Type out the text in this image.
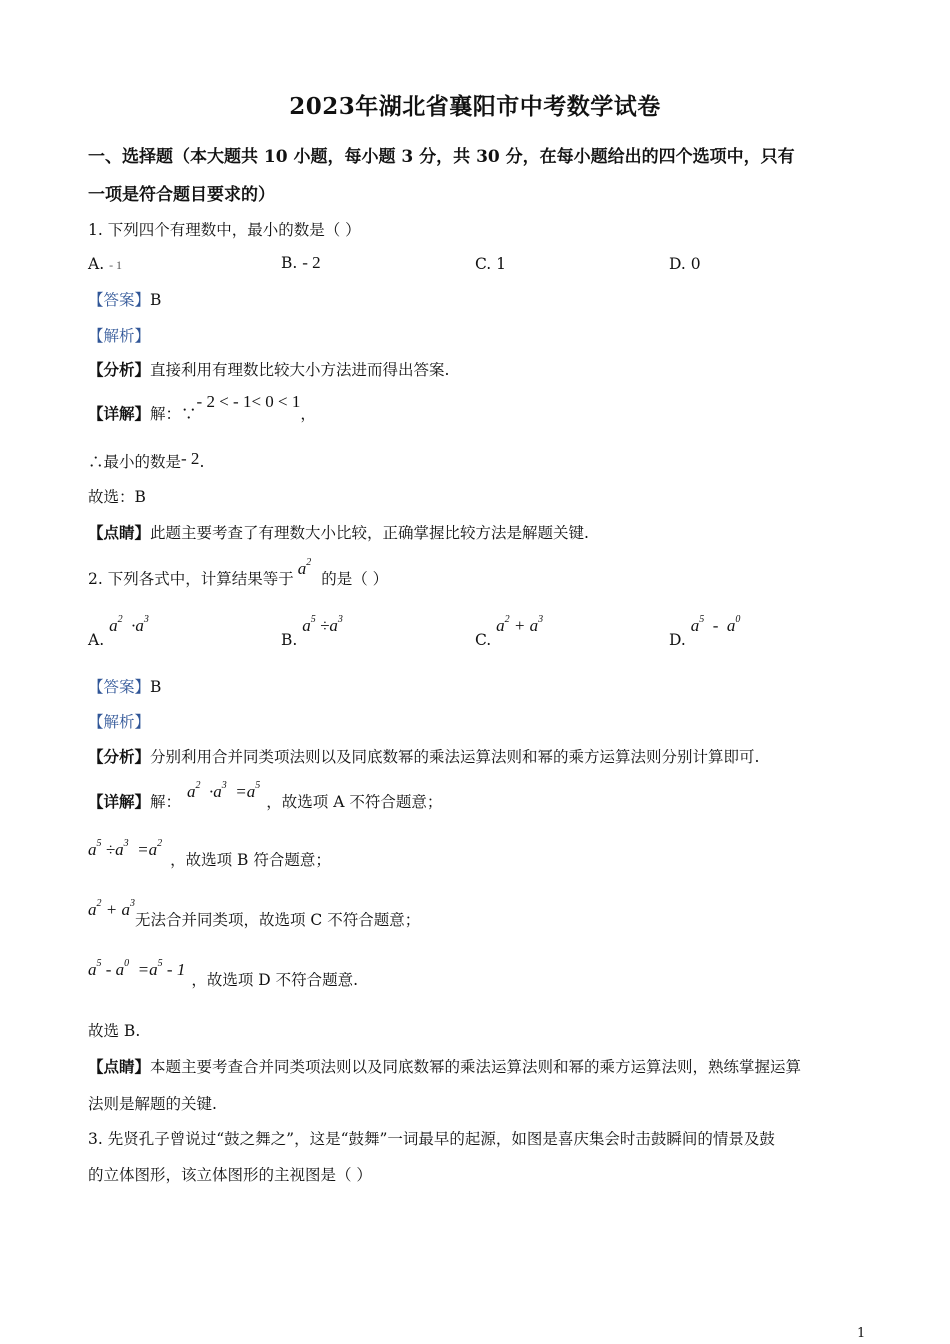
2023年湖北省襄阳市中考数学试卷
一、选择题（本大题共 10 小题，每小题 3 分，共 30 分，在每小题给出的四个选项中，只有
一项是符合题目要求的）
1. 下列四个有理数中，最小的数是（ ）
A. - 1	B. - 2	C. 1	D. 0
【答案】B
【解析】
【分析】直接利用有理数比较大小方法进而得出答案.
【详解】解：∵- 2 < - 1< 0 < 1，
∴最小的数是- 2.
故选：B
【点睛】此题主要考查了有理数大小比较，正确掌握比较方法是解题关键.
2. 下列各式中，计算结果等于$a^2$的是（ ）
A. $a^2 \cdot a^3$
B. $a^5 \div a^3$
C. $a^2 + a^3$
D. $a^5 - a^0$
【答案】B
【解析】
【分析】分别利用合并同类项法则以及同底数幂的乘法运算法则和幂的乘方运算法则分别计算即可.
【详解】解：$a^2 \cdot a^3 =a^5$，故选项 A 不符合题意；
$a^5 \div a^3 =a^2$，故选项 B 符合题意；
$a^2 + a^3$无法合并同类项，故选项 C 不符合题意；
$a^5 - a^0 =a^5 - 1$，故选项 D 不符合题意.
故选 B.
【点睛】本题主要考查合并同类项法则以及同底数幂的乘法运算法则和幂的乘方运算法则，熟练掌握运算
法则是解题的关键.
3. 先贤孔子曾说过“鼓之舞之”，这是“鼓舞”一词最早的起源，如图是喜庆集会时击鼓瞬间的情景及鼓
的立体图形，该立体图形的主视图是（ ）
1
